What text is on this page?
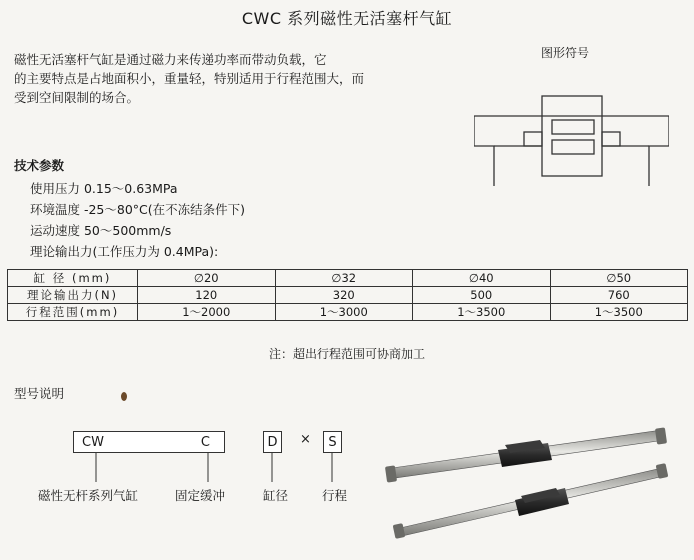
CWC 系列磁性无活塞杆气缸
磁性无活塞杆气缸是通过磁力来传递功率而带动负载，它
的主要特点是占地面积小，重量轻，特别适用于行程范围大，而
受到空间限制的场合。
图形符号
技术参数
使用压力 0.15～0.63MPa
环境温度 -25～80°C(在不冻结条件下)
运动速度 50～500mm/s
理论输出力(工作压力为 0.4MPa):
缸 径 (mm)	∅20	∅32	∅40	∅50
理论输出力(N)	120	320	500	760
行程范围(mm)	1～2000	1～3000	1～3500	1～3500
注：超出行程范围可协商加工
型号说明
CW	C	D	×	S
磁性无杆系列气缸	固定缓冲	缸径	行程
